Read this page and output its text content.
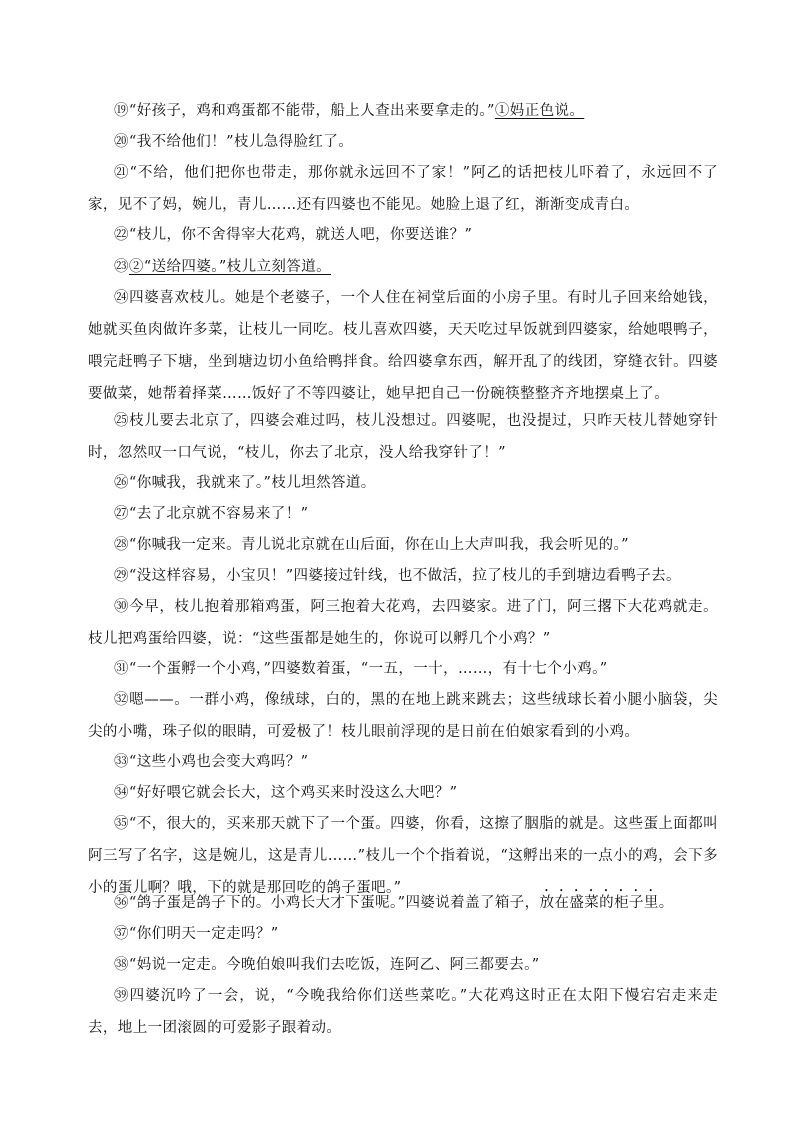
⑲“好孩子，鸡和鸡蛋都不能带，船上人查出来要拿走的。”①妈正色说。

⑳“我不给他们！”枝儿急得脸红了。

㉑“不给，他们把你也带走，那你就永远回不了家！”阿乙的话把枝儿吓着了，永远回不了家，见不了妈，婉儿，青儿……还有四婆也不能见。她脸上退了红，渐渐变成青白。

㉒“枝儿，你不舍得宰大花鸡，就送人吧，你要送谁？”

㉓②“送给四婆。”枝儿立刻答道。

㉔四婆喜欢枝儿。她是个老婆子，一个人住在祠堂后面的小房子里。有时儿子回来给她钱，她就买鱼肉做许多菜，让枝儿一同吃。枝儿喜欢四婆，天天吃过早饭就到四婆家，给她喂鸭子，喂完赶鸭子下塘，坐到塘边切小鱼给鸭拌食。给四婆拿东西，解开乱了的线团，穿缝衣针。四婆要做菜，她帮着择菜……饭好了不等四婆让，她早把自己一份碗筷整整齐齐地摆桌上了。

㉕枝儿要去北京了，四婆会难过吗，枝儿没想过。四婆呢，也没提过，只昨天枝儿替她穿针时，忽然叹一口气说，“枝儿，你去了北京，没人给我穿针了！”

㉖“你喊我，我就来了。”枝儿坦然答道。

㉗“去了北京就不容易来了！”

㉘“你喊我一定来。青儿说北京就在山后面，你在山上大声叫我，我会听见的。”

㉙“没这样容易，小宝贝！”四婆接过针线，也不做活，拉了枝儿的手到塘边看鸭子去。

㉚今早，枝儿抱着那箱鸡蛋，阿三抱着大花鸡，去四婆家。进了门，阿三撂下大花鸡就走。枝儿把鸡蛋给四婆，说：“这些蛋都是她生的，你说可以孵几个小鸡？”

㉛“一个蛋孵一个小鸡，”四婆数着蛋，“一五，一十，……，有十七个小鸡。”

㉜嗯——。一群小鸡，像绒球，白的，黑的在地上跳来跳去；这些绒球长着小腿小脑袋，尖尖的小嘴，珠子似的眼睛，可爱极了！枝儿眼前浮现的是日前在伯娘家看到的小鸡。

㉝“这些小鸡也会变大鸡吗？”

㉞“好好喂它就会长大，这个鸡买来时没这么大吧？”

㉟“不，很大的，买来那天就下了一个蛋。四婆，你看，这擦了胭脂的就是。这些蛋上面都叫阿三写了名字，这是婉儿，这是青儿……”枝儿一个个指着说，“这孵出来的一点小的鸡，会下多小的蛋儿啊？哦，下的就是那回吃的鸽子蛋吧。”

㊱“鸽子蛋是鸽子下的。小鸡长大才下蛋呢。”四婆说着盖了箱子，放在盛菜的柜子里。

㊲“你们明天一定走吗？”

㊳“妈说一定走。今晚伯娘叫我们去吃饭，连阿乙、阿三都要去。”

㊴四婆沉吟了一会，说，“今晚我给你们送些菜吃。”大花鸡这时正在太阳下慢宕宕走来走去，地上一团滚圆的可爱影子跟着动。
